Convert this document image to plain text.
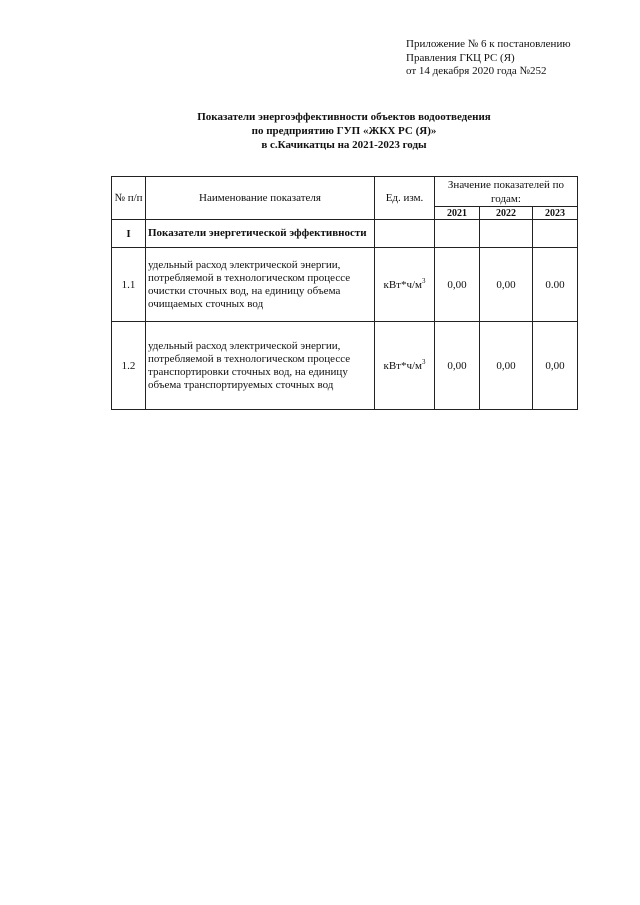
Приложение № 6 к постановлению
Правления ГКЦ РС (Я)
от 14 декабря 2020 года №252
Показатели энергоэффективности объектов водоотведения
по предприятию ГУП «ЖКХ РС (Я)»
в с.Качикатцы на 2021-2023 годы
№ п/п	Наименование показателя	Ед. изм.	Значение показателей по годам:		
			2021	2022	2023
I	Показатели энергетической эффективности				
1.1	удельный расход электрической энергии, потребляемой в технологическом процессе очистки сточных вод, на единицу объема очищаемых сточных вод	$кВт*ч/м^3$	0,00	0,00	0.00
1.2	удельный расход электрической энергии, потребляемой в технологическом процессе транспортировки сточных вод, на единицу объема транспортируемых сточных вод	$кВт*ч/м^3$	0,00	0,00	0,00
